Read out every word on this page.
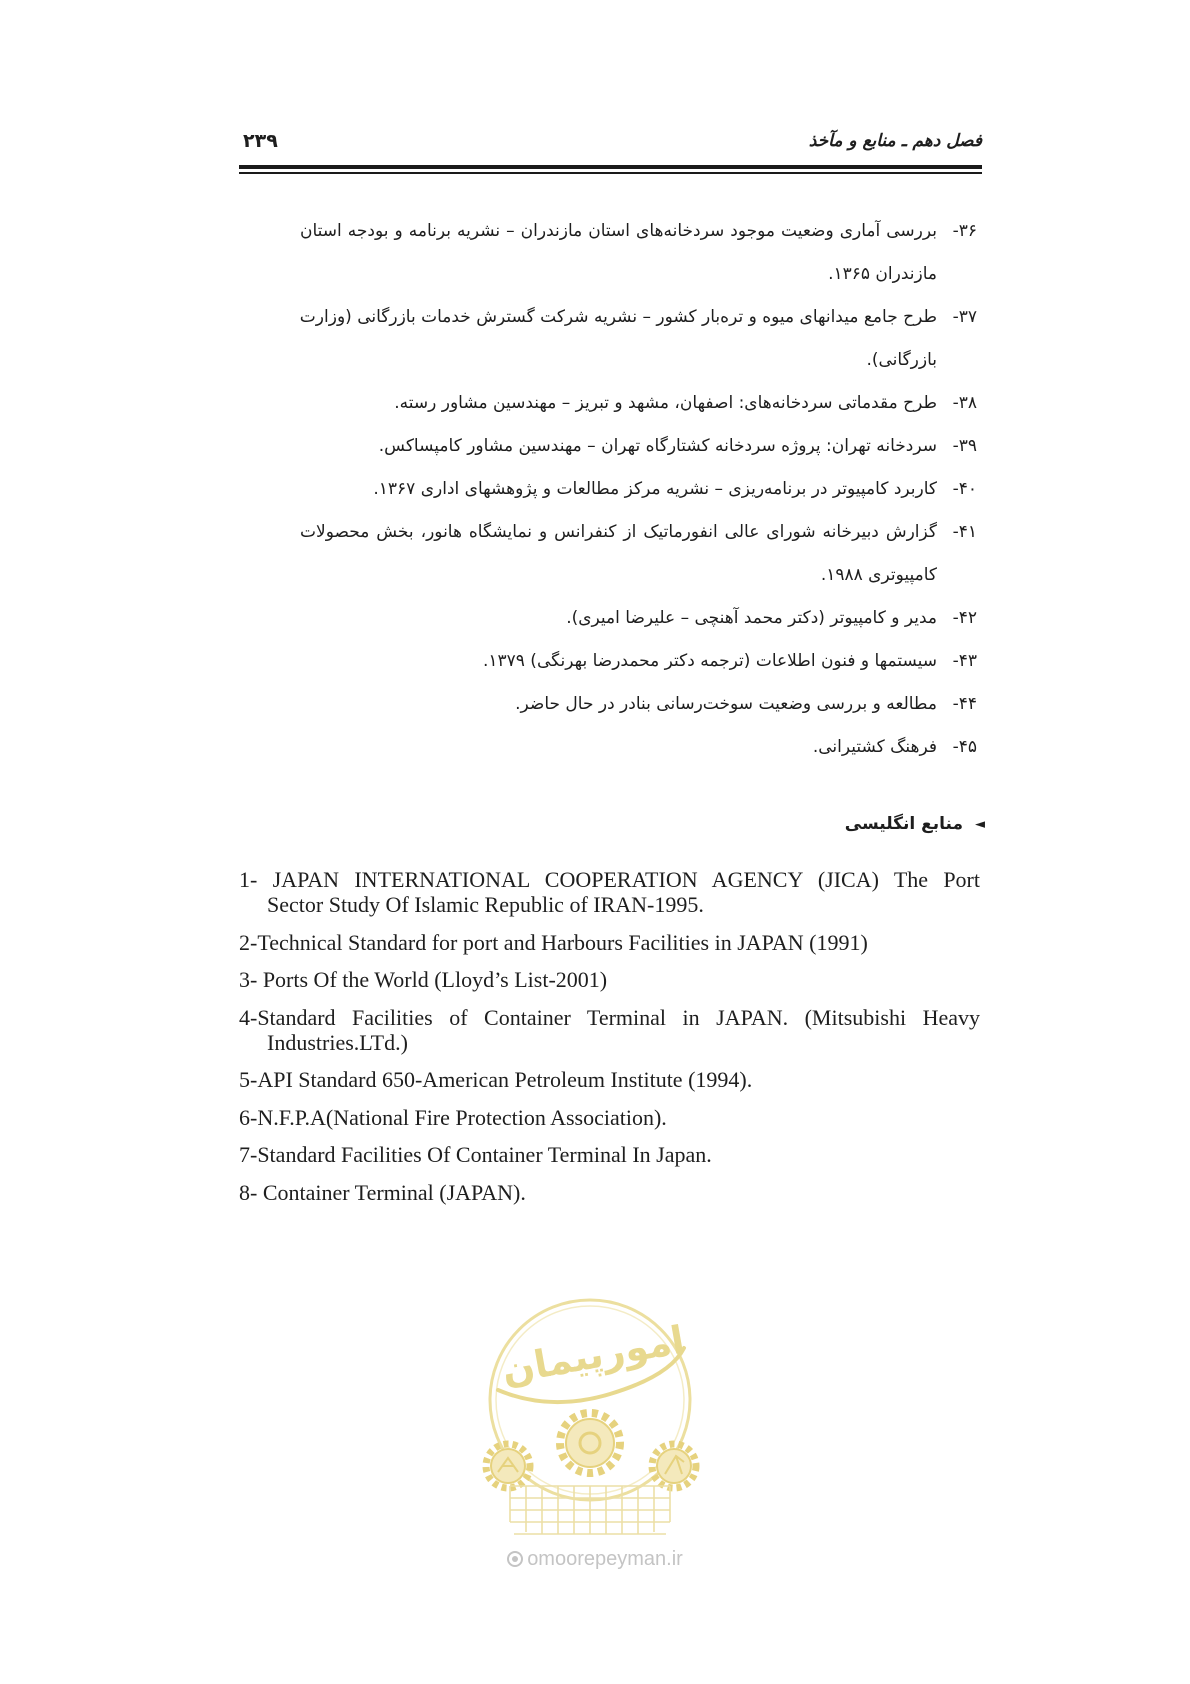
فصل دهم ـ منابع و مآخذ
۲۳۹
۳۶-
بررسی آماری وضعیت موجود سردخانه‌های استان مازندران – نشریه برنامه و بودجه استان
مازندران ۱۳۶۵.
۳۷-
طرح جامع میدانهای میوه و تره‌بار کشور – نشریه شرکت گسترش خدمات بازرگانی (وزارت
بازرگانی).
۳۸-
طرح مقدماتی سردخانه‌های: اصفهان، مشهد و تبریز – مهندسین مشاور رسته.
۳۹-
سردخانه تهران: پروژه سردخانه کشتارگاه تهران – مهندسین مشاور کامپساکس.
۴۰-
کاربرد کامپیوتر در برنامه‌ریزی – نشریه مرکز مطالعات و پژوهشهای اداری ۱۳۶۷.
۴۱-
گزارش دبیرخانه شورای عالی انفورماتیک از کنفرانس و نمایشگاه هانور، بخش محصولات
کامپیوتری ۱۹۸۸.
۴۲-
مدیر و کامپیوتر (دکتر محمد آهنچی – علیرضا امیری).
۴۳-
سیستمها و فنون اطلاعات (ترجمه دکتر محمدرضا بهرنگی) ۱۳۷۹.
۴۴-
مطالعه و بررسی وضعیت سوخت‌رسانی بنادر در حال حاضر.
۴۵-
فرهنگ کشتیرانی.
◄منابع انگلیسی
1- JAPAN INTERNATIONAL COOPERATION AGENCY (JICA) The Port
Sector Study Of Islamic Republic of IRAN-1995.
2-Technical Standard for port and Harbours Facilities in JAPAN (1991)
3- Ports Of the World (Lloyd’s List-2001)
4-Standard Facilities of Container Terminal in JAPAN. (Mitsubishi Heavy
Industries.LTd.)
5-API Standard 650-American Petroleum Institute (1994).
6-N.F.P.A(National Fire Protection Association).
7-Standard Facilities Of Container Terminal In Japan.
8- Container Terminal (JAPAN).
امورپیمان
omoorepeyman.ir
